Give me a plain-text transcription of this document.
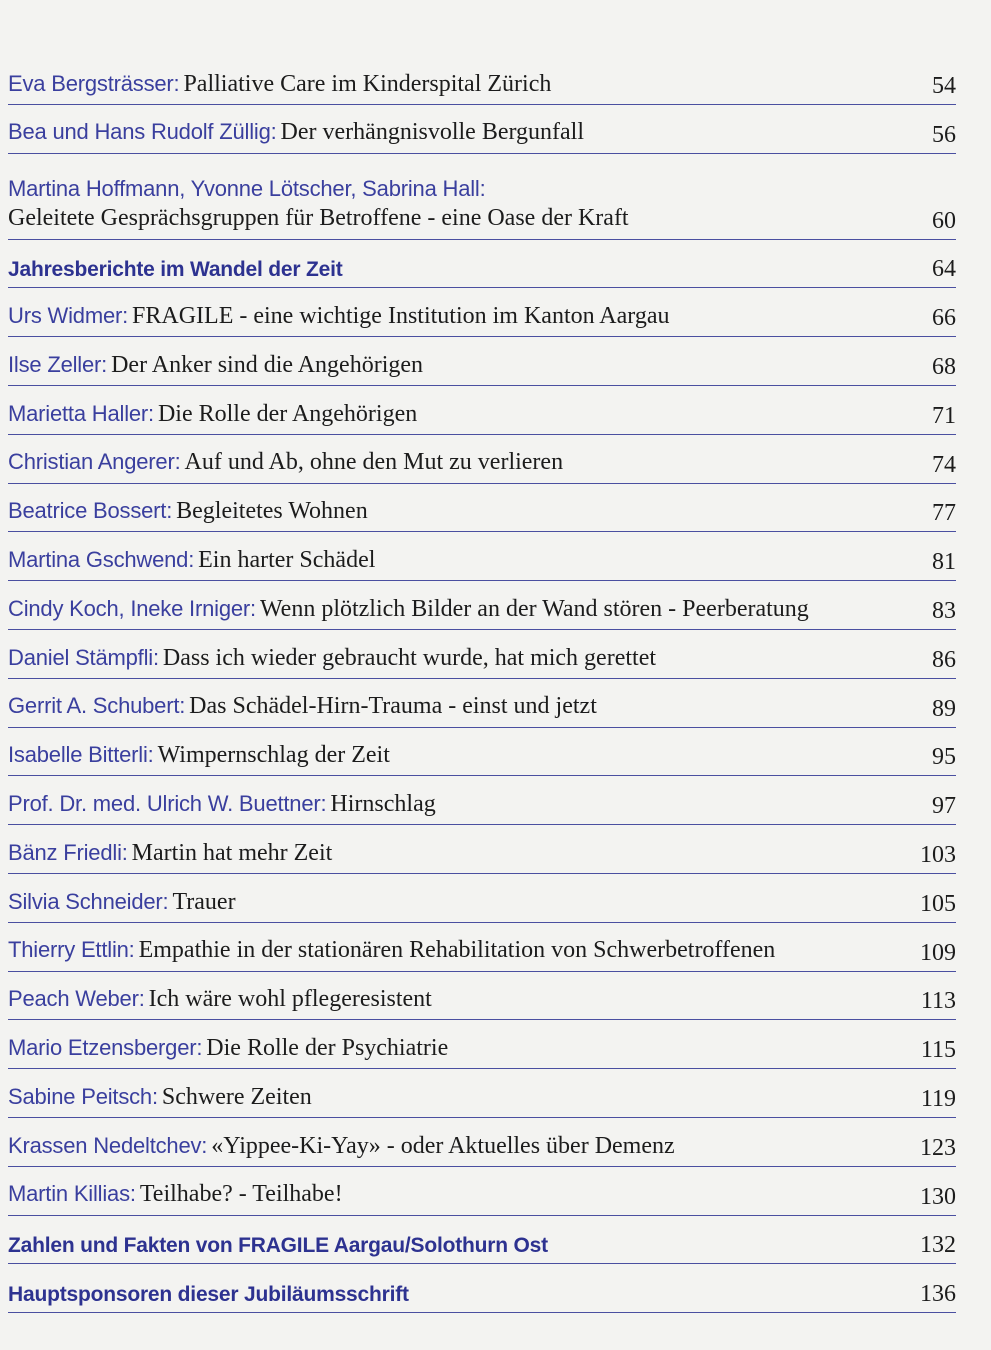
Eva Bergsträsser: Palliative Care im Kinderspital Zürich	54
Bea und Hans Rudolf Züllig: Der verhängnisvolle Bergunfall	56
Martina Hoffmann, Yvonne Lötscher, Sabrina Hall:
Geleitete Gesprächsgruppen für Betroffene - eine Oase der Kraft	60
Jahresberichte im Wandel der Zeit	64
Urs Widmer: FRAGILE - eine wichtige Institution im Kanton Aargau	66
Ilse Zeller: Der Anker sind die Angehörigen	68
Marietta Haller: Die Rolle der Angehörigen	71
Christian Angerer: Auf und Ab, ohne den Mut zu verlieren	74
Beatrice Bossert: Begleitetes Wohnen	77
Martina Gschwend: Ein harter Schädel	81
Cindy Koch, Ineke Irniger: Wenn plötzlich Bilder an der Wand stören - Peerberatung	83
Daniel Stämpfli: Dass ich wieder gebraucht wurde, hat mich gerettet	86
Gerrit A. Schubert: Das Schädel-Hirn-Trauma - einst und jetzt	89
Isabelle Bitterli: Wimpernschlag der Zeit	95
Prof. Dr. med. Ulrich W. Buettner: Hirnschlag	97
Bänz Friedli: Martin hat mehr Zeit	103
Silvia Schneider: Trauer	105
Thierry Ettlin: Empathie in der stationären Rehabilitation von Schwerbetroffenen	109
Peach Weber: Ich wäre wohl pflegeresistent	113
Mario Etzensberger: Die Rolle der Psychiatrie	115
Sabine Peitsch: Schwere Zeiten	119
Krassen Nedeltchev: «Yippee-Ki-Yay» - oder Aktuelles über Demenz	123
Martin Killias: Teilhabe? - Teilhabe!	130
Zahlen und Fakten von FRAGILE Aargau/Solothurn Ost	132
Hauptsponsoren dieser Jubiläumsschrift	136
